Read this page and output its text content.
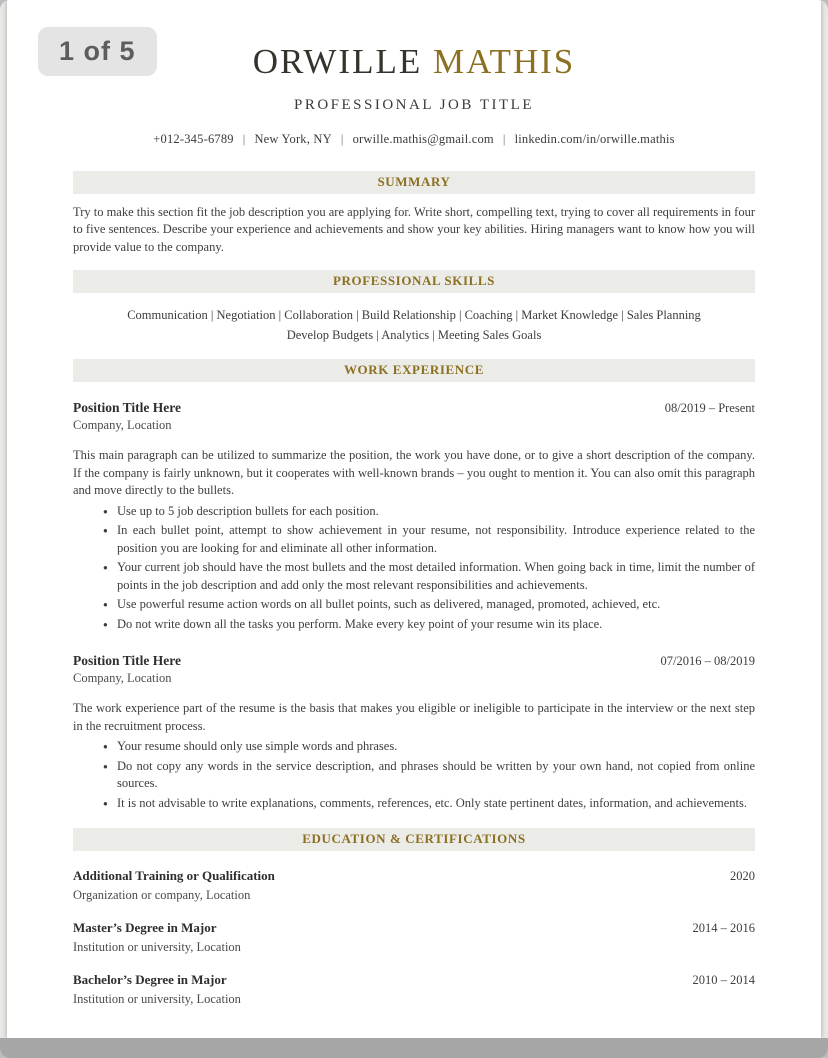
1 of 5	ORWILLE MATHIS
PROFESSIONAL JOB TITLE
+012-345-6789 | New York, NY | orwille.mathis@gmail.com | linkedin.com/in/orwille.mathis
SUMMARY

Try to make this section fit the job description you are applying for. Write short, compelling text, trying to cover all requirements in four to five sentences. Describe your experience and achievements and show your key abilities. Hiring managers want to know how you will provide value to the company.

PROFESSIONAL SKILLS
Communication | Negotiation | Collaboration | Build Relationship | Coaching | Market Knowledge | Sales Planning
Develop Budgets | Analytics | Meeting Sales Goals
WORK EXPERIENCE
Position Title Here	08/2019 – Present
Company, Location

This main paragraph can be utilized to summarize the position, the work you have done, or to give a short description of the company. If the company is fairly unknown, but it cooperates with well-known brands – you ought to mention it. You can also omit this paragraph and move directly to the bullets.

● Use up to 5 job description bullets for each position.
● In each bullet point, attempt to show achievement in your resume, not responsibility. Introduce experience related to the position you are looking for and eliminate all other information.
● Your current job should have the most bullets and the most detailed information. When going back in time, limit the number of points in the job description and add only the most relevant responsibilities and achievements.
● Use powerful resume action words on all bullet points, such as delivered, managed, promoted, achieved, etc.
● Do not write down all the tasks you perform. Make every key point of your resume win its place.
Position Title Here	07/2016 – 08/2019
Company, Location

The work experience part of the resume is the basis that makes you eligible or ineligible to participate in the interview or the next step in the recruitment process.

● Your resume should only use simple words and phrases.
● Do not copy any words in the service description, and phrases should be written by your own hand, not copied from online sources.
● It is not advisable to write explanations, comments, references, etc. Only state pertinent dates, information, and achievements.
EDUCATION & CERTIFICATIONS
Additional Training or Qualification	2020
Organization or company, Location
Master’s Degree in Major	2014 – 2016
Institution or university, Location
Bachelor’s Degree in Major	2010 – 2014
Institution or university, Location
